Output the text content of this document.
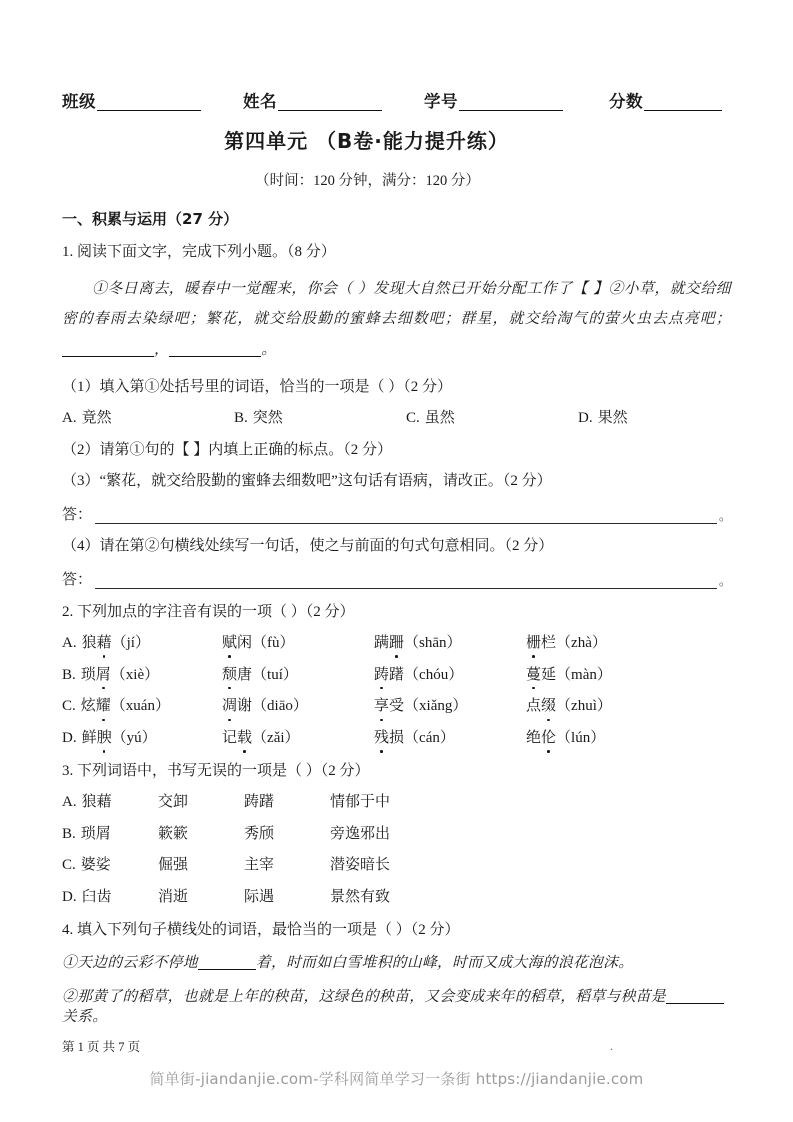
班级	姓名	学号	分数
第四单元 （B卷·能力提升练）
（时间：120 分钟，满分：120 分）
一、积累与运用（27 分）
1. 阅读下面文字，完成下列小题。（8 分）
①冬日离去，暖春中一觉醒来，你会（ ）发现大自然已开始分配工作了【 】②小草，就交给细密的春雨去染绿吧；繁花，就交给股勤的蜜蜂去细数吧；群星，就交给淘气的萤火虫去点亮吧；，	。
（1）填入第①处括号里的词语，恰当的一项是（ ）（2 分）
A. 竟然	B. 突然	C. 虽然	D. 果然
（2）请第①句的【 】内填上正确的标点。（2 分）
（3）“繁花，就交给股勤的蜜蜂去细数吧”这句话有语病，请改正。（2 分）
答：	。
（4）请在第②句横线处续写一句话，使之与前面的句式句意相同。（2 分）
答：	。
2. 下列加点的字注音有误的一项（ ）（2 分）
A. 狼藉（jí）	赋闲（fù）	蹒跚（shān）	栅栏（zhà）
B. 琐屑（xiè）	颓唐（tuí）	踌躇（chóu）	蔓延（màn）
C. 炫耀（xuán）	凋谢（diāo）	享受（xiǎng）	点缀（zhuì）
D. 鲜腴（yú）	记载（zǎi）	残损（cán）	绝伦（lún）
3. 下列词语中，书写无误的一项是（ ）（2 分）
A. 狼藉	交卸	踌躇	情郁于中
B. 琐屑	簌簌	秀颀	旁逸邪出
C. 婆娑	倔强	主宰	潜姿暗长
D. 臼齿	消逝	际遇	景然有致
4. 填入下列句子横线处的词语，最恰当的一项是（ ）（2 分）
①天边的云彩不停地	着，时而如白雪堆积的山峰，时而又成大海的浪花泡沫。
②那黄了的稻草，也就是上年的秧苗，这绿色的秧苗，又会变成来年的稻草，稻草与秧苗是关系。
第 1 页 共 7 页	.
简单街-jiandanjie.com-学科网简单学习一条街 https://jiandanjie.com
